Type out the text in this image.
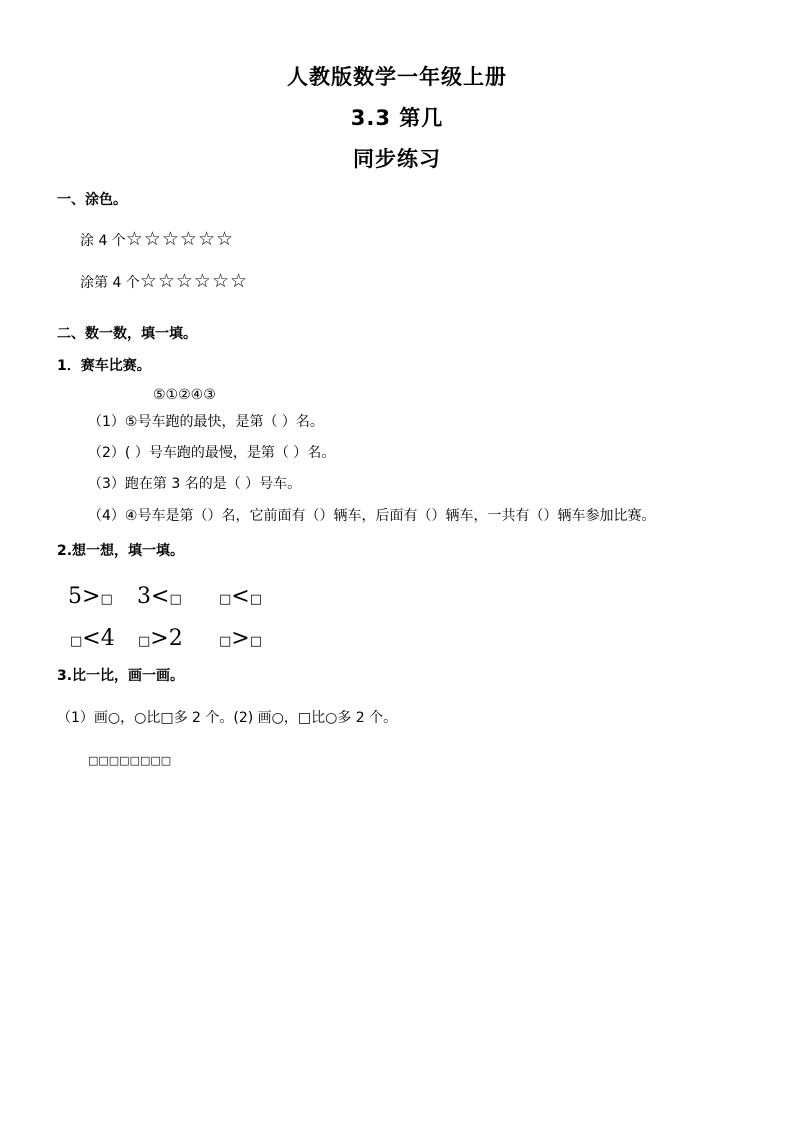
人教版数学一年级上册
3.3 第几
同步练习
一、涂色。
涂 4 个☆☆☆☆☆☆
涂第 4 个☆☆☆☆☆☆
二、数一数，填一填。
1．赛车比赛。
⑤①②④③
（1）⑤号车跑的最快，是第（ ）名。
（2）( ）号车跑的最慢，是第（ ）名。
（3）跑在第 3 名的是（ ）号车。
（4）④号车是第（）名，它前面有（）辆车，后面有（）辆车，一共有（）辆车参加比赛。
2.想一想，填一填。
5>□ 3<□	□<□
□<4 □>2	□>□
3.比一比，画一画。
（1）画○，○比□多 2 个。(2) 画○，□比○多 2 个。
□□□□□□□□
